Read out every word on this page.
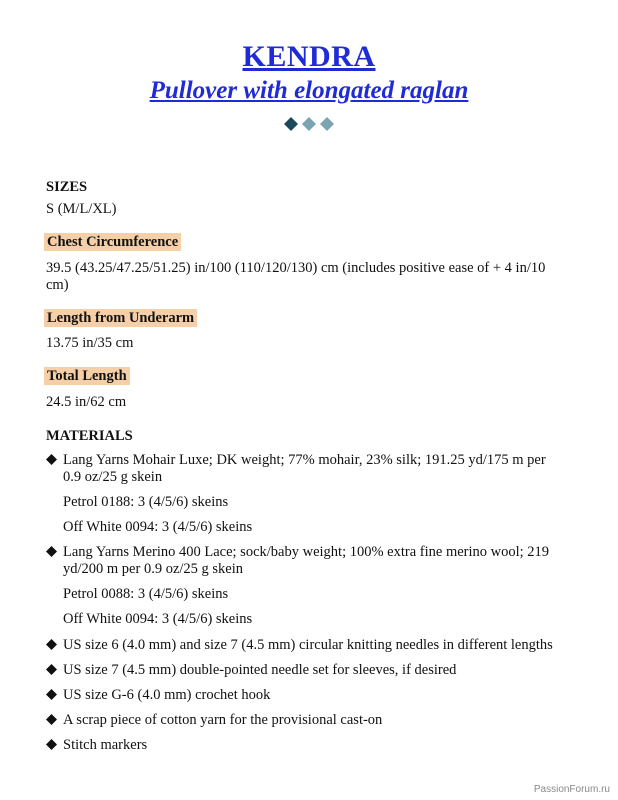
KENDRA
Pullover with elongated raglan
SIZES
S (M/L/XL)
Chest Circumference
39.5 (43.25/47.25/51.25) in/100 (110/120/130) cm (includes positive ease of + 4 in/10
cm)
Length from Underarm
13.75 in/35 cm
Total Length
24.5 in/62 cm
MATERIALS
Lang Yarns Mohair Luxe; DK weight; 77% mohair, 23% silk; 191.25 yd/175 m per
0.9 oz/25 g skein
Petrol 0188: 3 (4/5/6) skeins
Off White 0094: 3 (4/5/6) skeins
Lang Yarns Merino 400 Lace; sock/baby weight; 100% extra fine merino wool; 219
yd/200 m per 0.9 oz/25 g skein
Petrol 0088: 3 (4/5/6) skeins
Off White 0094: 3 (4/5/6) skeins
US size 6 (4.0 mm) and size 7 (4.5 mm) circular knitting needles in different lengths
US size 7 (4.5 mm) double-pointed needle set for sleeves, if desired
US size G-6 (4.0 mm) crochet hook
A scrap piece of cotton yarn for the provisional cast-on
Stitch markers
PassionForum.ru
